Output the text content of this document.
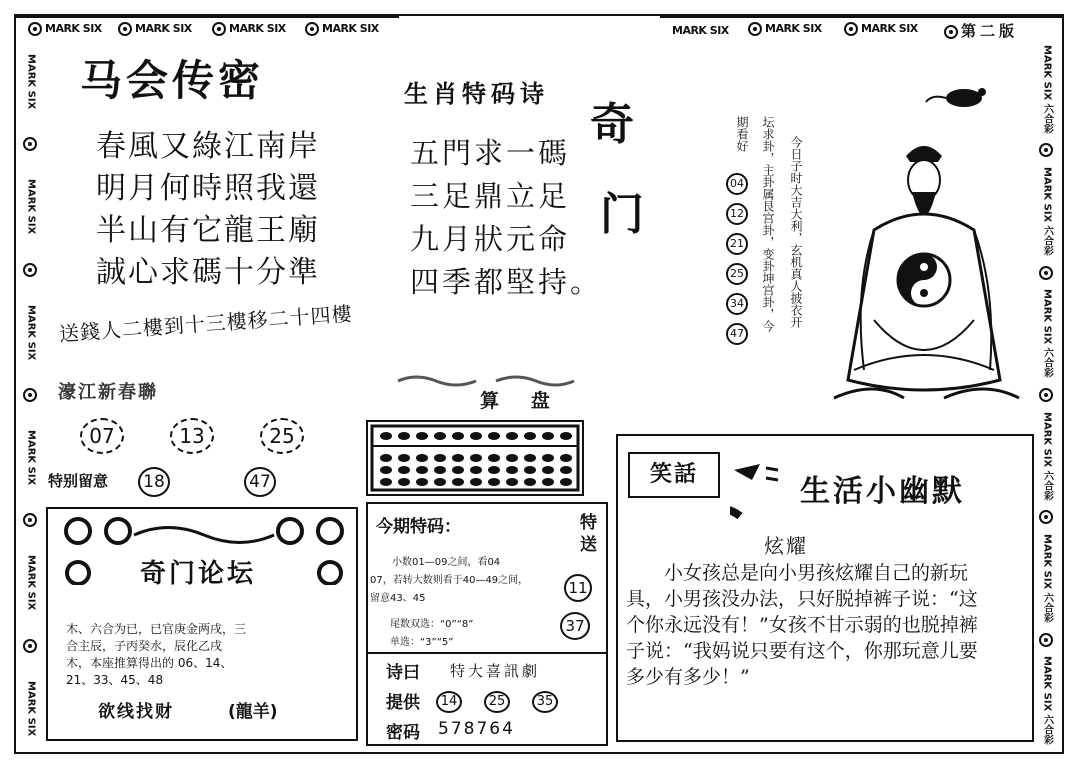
MARK SIX	MARK SIX	MARK SIX	MARK SIX	MARK SIX	MARK SIX	MARK SIX	第二版
MARK SIX
MARK SIX
MARK SIX
MARK SIX
MARK SIX
MARK SIX
MARK SIX 六合彩
MARK SIX 六合彩
MARK SIX 六合彩
MARK SIX 六合彩
MARK SIX 六合彩
MARK SIX 六合彩
马会传密
春風又綠江南岸
明月何時照我還
半山有它龍王廟
誠心求碼十分準
送錢人二樓到十三樓移二十四樓
濠江新春聯
07	13	25
特别留意	18	47
奇门论坛
木、六合为已，已官庚金两戌，三
合主辰，子丙癸水，辰化乙戌
木，本座推算得出的 06、14、
21、33、45、48
欲线找财	(龍羊)
生肖特码诗
五門求一碼
三足鼎立足
九月狀元命
四季都堅持。
奇
门
算   盘
今期特码：	特
送
小数01—09之间，看04
07，若转大数则看于40—49之间，
留意43、45
尾数双选：“0”“8”
单选：“3”“5”
11
37
诗曰 特大喜訊劇
提供	14	25	35
密码 578764
今日子时大吉大利，玄机真人披衣开
坛求卦，主卦属艮宫卦，变卦坤宫卦，今
期看好
04 12 21 25 34 47
笑話	生活小幽默
炫耀
小女孩总是向小男孩炫耀自己的新玩具，小男孩没办法，只好脱掉裤子说：“这个你永远没有！”女孩不甘示弱的也脱掉裤子说：“我妈说只要有这个，你那玩意儿要多少有多少！”
